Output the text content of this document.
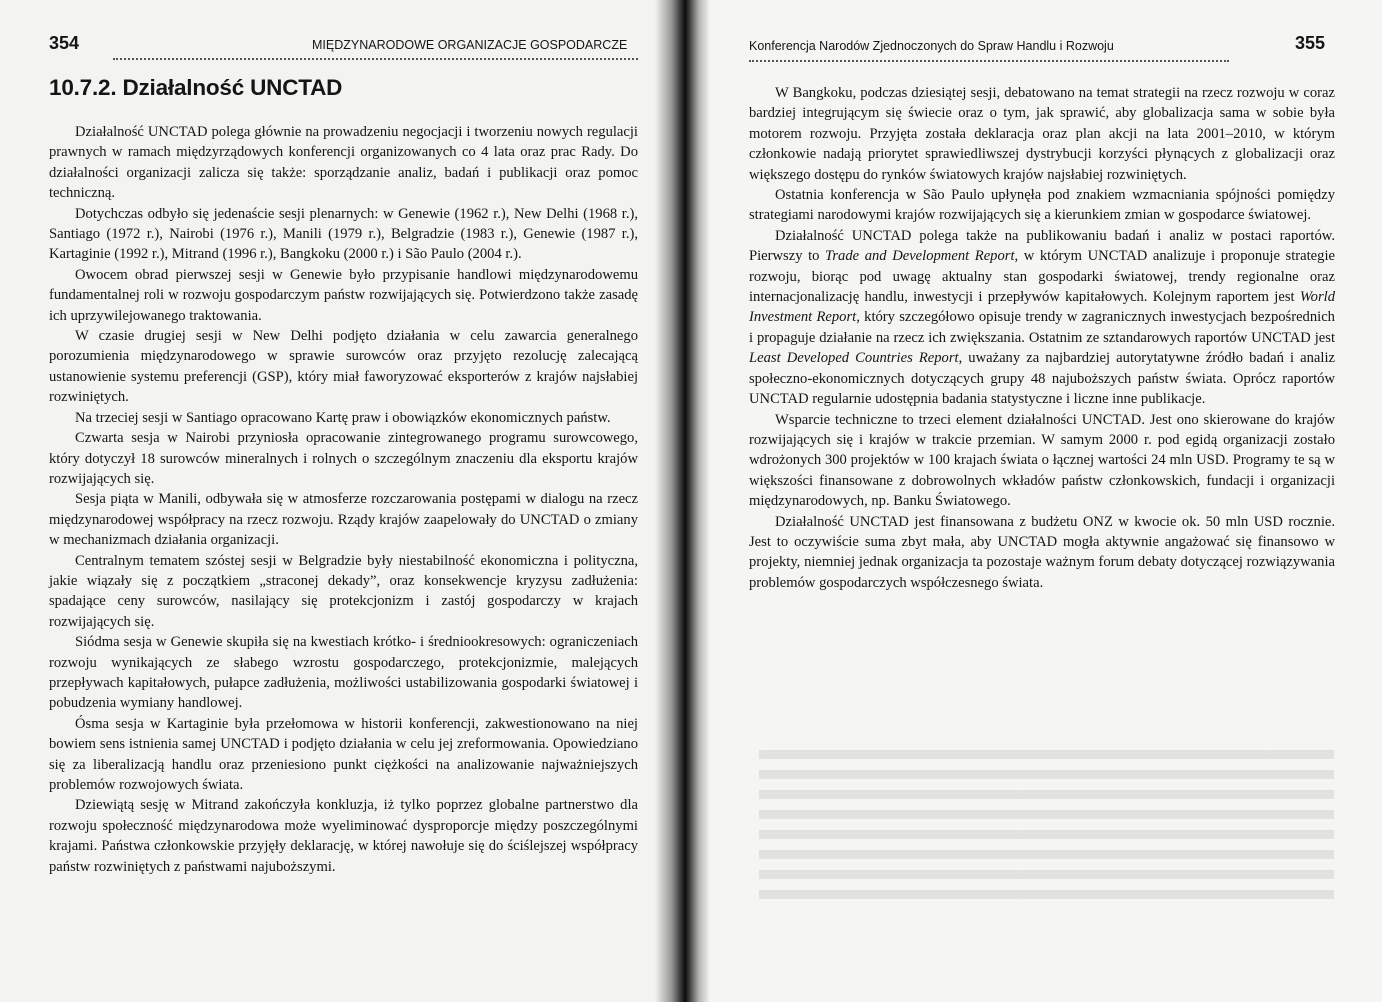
354	MIĘDZYNARODOWE ORGANIZACJE GOSPODARCZE
10.7.2. Działalność UNCTAD

Działalność UNCTAD polega głównie na prowadzeniu negocjacji i tworzeniu nowych regulacji prawnych w ramach międzyrządowych konferencji organizowanych co 4 lata oraz prac Rady. Do działalności organizacji zalicza się także: sporządzanie analiz, badań i publikacji oraz pomoc techniczną.

Dotychczas odbyło się jedenaście sesji plenarnych: w Genewie (1962 r.), New Delhi (1968 r.), Santiago (1972 r.), Nairobi (1976 r.), Manili (1979 r.), Belgradzie (1983 r.), Genewie (1987 r.), Kartaginie (1992 r.), Mitrand (1996 r.), Bangkoku (2000 r.) i São Paulo (2004 r.).

Owocem obrad pierwszej sesji w Genewie było przypisanie handlowi międzynarodowemu fundamentalnej roli w rozwoju gospodarczym państw rozwijających się. Potwierdzono także zasadę ich uprzywilejowanego traktowania.

W czasie drugiej sesji w New Delhi podjęto działania w celu zawarcia generalnego porozumienia międzynarodowego w sprawie surowców oraz przyjęto rezolucję zalecającą ustanowienie systemu preferencji (GSP), który miał faworyzować eksporterów z krajów najsłabiej rozwiniętych.

Na trzeciej sesji w Santiago opracowano Kartę praw i obowiązków ekonomicznych państw.

Czwarta sesja w Nairobi przyniosła opracowanie zintegrowanego programu surowcowego, który dotyczył 18 surowców mineralnych i rolnych o szczególnym znaczeniu dla eksportu krajów rozwijających się.

Sesja piąta w Manili, odbywała się w atmosferze rozczarowania postępami w dialogu na rzecz międzynarodowej współpracy na rzecz rozwoju. Rządy krajów zaapelowały do UNCTAD o zmiany w mechanizmach działania organizacji.

Centralnym tematem szóstej sesji w Belgradzie były niestabilność ekonomiczna i polityczna, jakie wiązały się z początkiem „straconej dekady”, oraz konsekwencje kryzysu zadłużenia: spadające ceny surowców, nasilający się protekcjonizm i zastój gospodarczy w krajach rozwijających się.

Siódma sesja w Genewie skupiła się na kwestiach krótko- i średniookresowych: ograniczeniach rozwoju wynikających ze słabego wzrostu gospodarczego, protekcjonizmie, malejących przepływach kapitałowych, pułapce zadłużenia, możliwości ustabilizowania gospodarki światowej i pobudzenia wymiany handlowej.

Ósma sesja w Kartaginie była przełomowa w historii konferencji, zakwestionowano na niej bowiem sens istnienia samej UNCTAD i podjęto działania w celu jej zreformowania. Opowiedziano się za liberalizacją handlu oraz przeniesiono punkt ciężkości na analizowanie najważniejszych problemów rozwojowych świata.

Dziewiątą sesję w Mitrand zakończyła konkluzja, iż tylko poprzez globalne partnerstwo dla rozwoju społeczność międzynarodowa może wyeliminować dysproporcje między poszczególnymi krajami. Państwa członkowskie przyjęły deklarację, w której nawołuje się do ściślejszej współpracy państw rozwiniętych z państwami najuboższymi.

Konferencja Narodów Zjednoczonych do Spraw Handlu i Rozwoju	355

W Bangkoku, podczas dziesiątej sesji, debatowano na temat strategii na rzecz rozwoju w coraz bardziej integrującym się świecie oraz o tym, jak sprawić, aby globalizacja sama w sobie była motorem rozwoju. Przyjęta została deklaracja oraz plan akcji na lata 2001–2010, w którym członkowie nadają priorytet sprawiedliwszej dystrybucji korzyści płynących z globalizacji oraz większego dostępu do rynków światowych krajów najsłabiej rozwiniętych.

Ostatnia konferencja w São Paulo upłynęła pod znakiem wzmacniania spójności pomiędzy strategiami narodowymi krajów rozwijających się a kierunkiem zmian w gospodarce światowej.

Działalność UNCTAD polega także na publikowaniu badań i analiz w postaci raportów. Pierwszy to Trade and Development Report, w którym UNCTAD analizuje i proponuje strategie rozwoju, biorąc pod uwagę aktualny stan gospodarki światowej, trendy regionalne oraz internacjonalizację handlu, inwestycji i przepływów kapitałowych. Kolejnym raportem jest World Investment Report, który szczegółowo opisuje trendy w zagranicznych inwestycjach bezpośrednich i propaguje działanie na rzecz ich zwiększania. Ostatnim ze sztandarowych raportów UNCTAD jest Least Developed Countries Report, uważany za najbardziej autorytatywne źródło badań i analiz społeczno-ekonomicznych dotyczących grupy 48 najuboższych państw świata. Oprócz raportów UNCTAD regularnie udostępnia badania statystyczne i liczne inne publikacje.

Wsparcie techniczne to trzeci element działalności UNCTAD. Jest ono skierowane do krajów rozwijających się i krajów w trakcie przemian. W samym 2000 r. pod egidą organizacji zostało wdrożonych 300 projektów w 100 krajach świata o łącznej wartości 24 mln USD. Programy te są w większości finansowane z dobrowolnych wkładów państw członkowskich, fundacji i organizacji międzynarodowych, np. Banku Światowego.

Działalność UNCTAD jest finansowana z budżetu ONZ w kwocie ok. 50 mln USD rocznie. Jest to oczywiście suma zbyt mała, aby UNCTAD mogła aktywnie angażować się finansowo w projekty, niemniej jednak organizacja ta pozostaje ważnym forum debaty dotyczącej rozwiązywania problemów gospodarczych współczesnego świata.
